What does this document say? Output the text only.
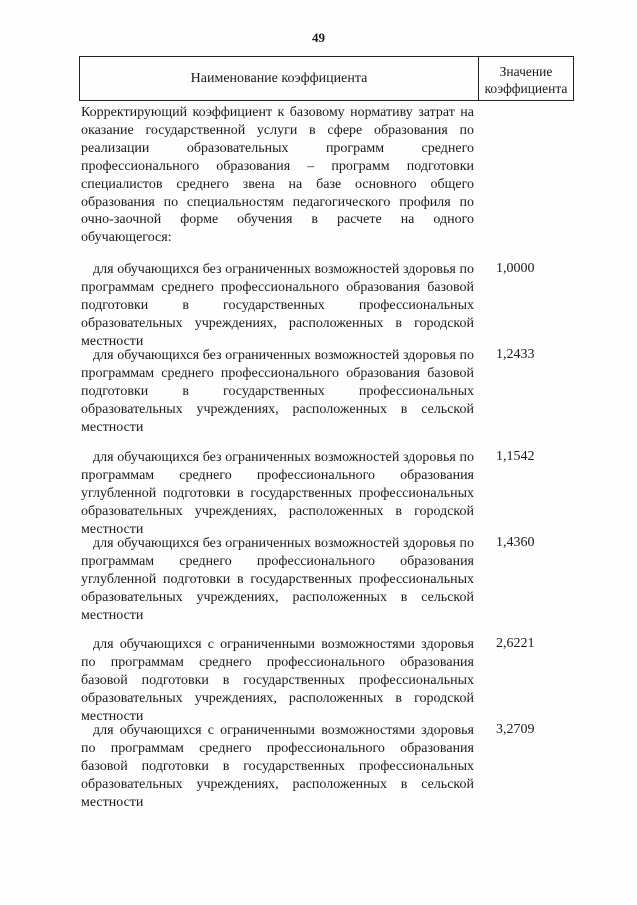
49
Наименование коэффициента	Значение
коэффициента
Корректирующий коэффициент к базовому нормативу затрат на оказание государственной услуги в сфере образования по реализации образовательных программ среднего профессионального образования – программ подготовки специалистов среднего звена на базе основного общего образования по специальностям педагогического профиля по очно-заочной форме обучения в расчете на одного обучающегося:
для обучающихся без ограниченных возможностей здоровья по программам среднего профессионального образования базовой подготовки в государственных профессиональных образовательных учреждениях, расположенных в городской местности
1,0000
для обучающихся без ограниченных возможностей здоровья по программам среднего профессионального образования базовой подготовки в государственных профессиональных образовательных учреждениях, расположенных в сельской местности
1,2433
для обучающихся без ограниченных возможностей здоровья по программам среднего профессионального образования углубленной подготовки в государственных профессиональных образовательных учреждениях, расположенных в городской местности
1,1542
для обучающихся без ограниченных возможностей здоровья по программам среднего профессионального образования углубленной подготовки в государственных профессиональных образовательных учреждениях, расположенных в сельской местности
1,4360
для обучающихся с ограниченными возможностями здоровья по программам среднего профессионального образования базовой подготовки в государственных профессиональных образовательных учреждениях, расположенных в городской местности
2,6221
для обучающихся с ограниченными возможностями здоровья по программам среднего профессионального образования базовой подготовки в государственных профессиональных образовательных учреждениях, расположенных в сельской местности
3,2709
